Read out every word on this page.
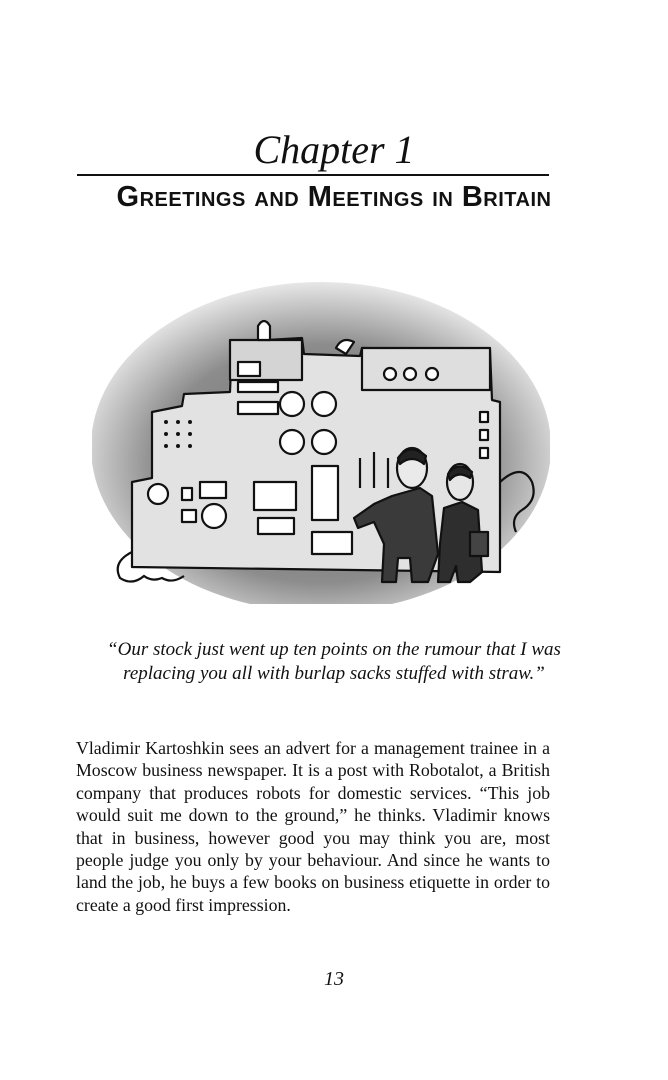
Chapter 1
Greetings and Meetings in Britain
“Our stock just went up ten points on the rumour that I was replacing you all with burlap sacks stuffed with straw.”

Vladimir Kartoshkin sees an advert for a management trainee in a Moscow business newspaper. It is a post with Robotalot, a British company that produces robots for domestic services. “This job would suit me down to the ground,” he thinks. Vladimir knows that in business, however good you may think you are, most people judge you only by your behaviour. And since he wants to land the job, he buys a few books on business etiquette in order to create a good first impression.

13
